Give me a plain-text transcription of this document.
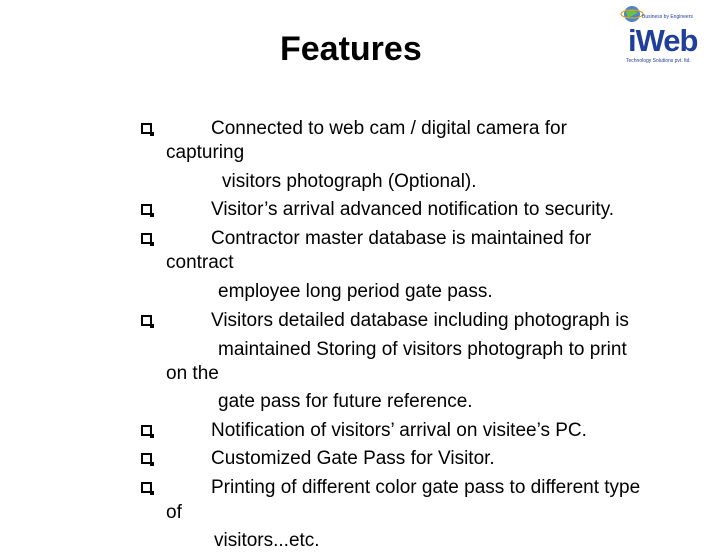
Features
Business by Engineers
iWeb
Technology Solutions pvt. ltd.
Connected to web cam / digital camera for
capturing
visitors photograph (Optional).
Visitor’s arrival advanced notification to security.
Contractor master database is maintained for
contract
employee long period gate pass.
Visitors detailed database including photograph is
maintained Storing of visitors photograph to print
on the
gate pass for future reference.
Notification of visitors’ arrival on visitee’s PC.
Customized Gate Pass for Visitor.
Printing of different color gate pass to different type
of
visitors...etc.
